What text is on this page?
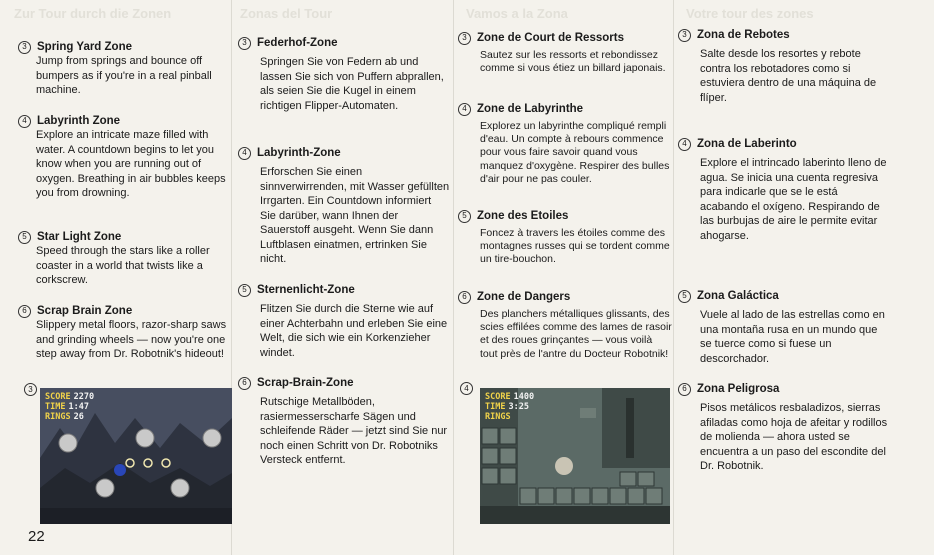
Zur Tour durch die Zonen	Zonas del Tour	Vamos a la Zona	Votre tour des zones
3 Spring Yard Zone
Jump from springs and bounce off bumpers as if you're in a real pinball machine.
4 Labyrinth Zone
Explore an intricate maze filled with water. A countdown begins to let you know when you are running out of oxygen. Breathing in air bubbles keeps you from drowning.
5 Star Light Zone
Speed through the stars like a roller coaster in a world that twists like a corkscrew.
6 Scrap Brain Zone
Slippery metal floors, razor-sharp saws and grinding wheels — now you're one step away from Dr. Robotnik's hideout!
3
SCORE 2270
TIME 1:47
RINGS 26
22
3 Federhof-Zone
Springen Sie von Federn ab und lassen Sie sich von Puffern abprallen, als seien Sie die Kugel in einem richtigen Flipper-Automaten.
4 Labyrinth-Zone
Erforschen Sie einen sinnverwirrenden, mit Wasser gefüllten Irrgarten. Ein Countdown informiert Sie darüber, wann Ihnen der Sauerstoff ausgeht. Wenn Sie dann Luftblasen einatmen, ertrinken Sie nicht.
5 Sternenlicht-Zone
Flitzen Sie durch die Sterne wie auf einer Achterbahn und erleben Sie eine Welt, die sich wie ein Korkenzieher windet.
6 Scrap-Brain-Zone
Rutschige Metallböden, rasiermesserscharfe Sägen und schleifende Räder — jetzt sind Sie nur noch einen Schritt von Dr. Robotniks Versteck entfernt.
3 Zone de Court de Ressorts
Sautez sur les ressorts et rebondissez comme si vous étiez un billard japonais.
4 Zone de Labyrinthe
Explorez un labyrinthe compliqué rempli d'eau. Un compte à rebours commence pour vous faire savoir quand vous manquez d'oxygène. Respirer des bulles d'air pour ne pas couler.
5 Zone des Etoiles
Foncez à travers les étoiles comme des montagnes russes qui se tordent comme un tire-bouchon.
6 Zone de Dangers
Des planchers métalliques glissants, des scies effilées comme des lames de rasoir et des roues grinçantes — vous voilà tout près de l'antre du Docteur Robotnik!
4
SCORE 1400
TIME 3:25
RINGS
3 Zona de Rebotes
Salte desde los resortes y rebote contra los rebotadores como si estuviera dentro de una máquina de flíper.
4 Zona de Laberinto
Explore el intrincado laberinto lleno de agua. Se inicia una cuenta regresiva para indicarle que se le está acabando el oxígeno. Respirando de las burbujas de aire le permite evitar ahogarse.
5 Zona Galáctica
Vuele al lado de las estrellas como en una montaña rusa en un mundo que se tuerce como si fuese un descorchador.
6 Zona Peligrosa
Pisos metálicos resbaladizos, sierras afiladas como hoja de afeitar y rodillos de molienda — ahora usted se encuentra a un paso del escondite del Dr. Robotnik.
